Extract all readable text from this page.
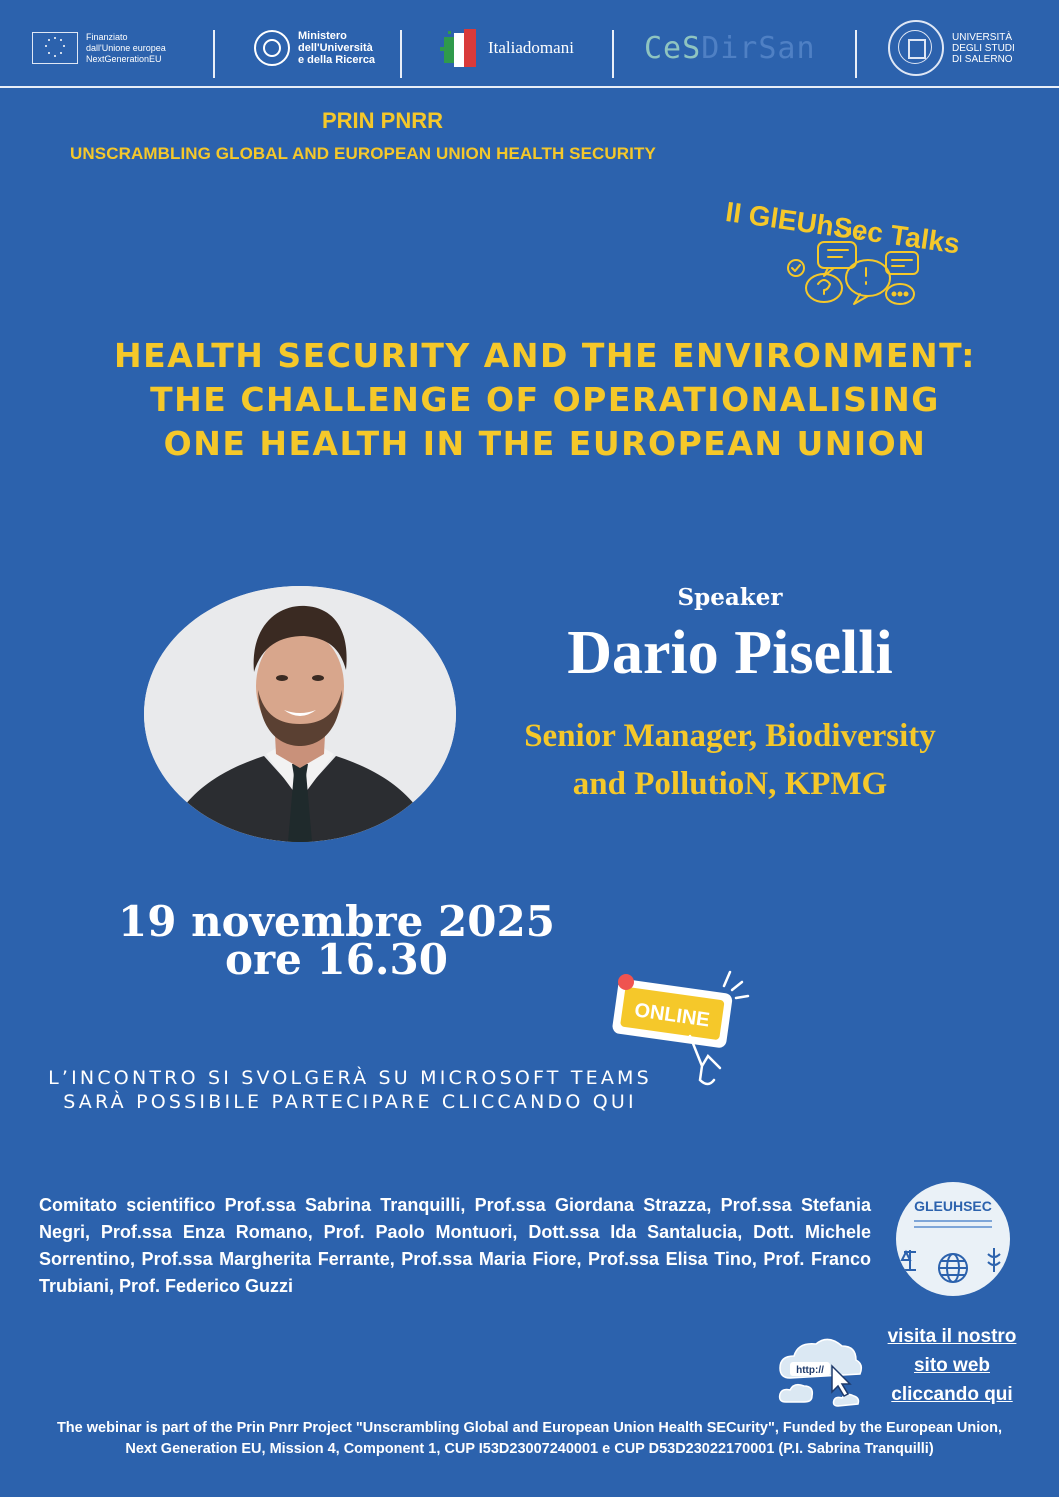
Finanziato
dall'Unione europea
NextGenerationEU
Ministero
dell'Università
e della Ricerca
Italiadomani CeSDirSan	UNIVERSITÀ
DEGLI STUDI
DI SALERNO
PRIN PNRR
UNSCRAMBLING GLOBAL AND EUROPEAN UNION HEALTH SECURITY
II GlEUhSec Talks
HEALTH SECURITY AND THE ENVIRONMENT:
THE CHALLENGE OF OPERATIONALISING
ONE HEALTH IN THE EUROPEAN UNION
Speaker
Dario Piselli
Senior Manager, Biodiversity
and PollutioN, KPMG
19 novembre 2025
ore 16.30
ONLINE
L’INCONTRO SI SVOLGERÀ SU MICROSOFT TEAMS
SARÀ POSSIBILE PARTECIPARE CLICCANDO QUI
Comitato scientifico Prof.ssa Sabrina Tranquilli, Prof.ssa Giordana Strazza, Prof.ssa Stefania Negri, Prof.ssa Enza Romano, Prof. Paolo Montuori, Dott.ssa Ida Santalucia, Dott. Michele Sorrentino, Prof.ssa Margherita Ferrante, Prof.ssa Maria Fiore, Prof.ssa Elisa Tino, Prof. Franco Trubiani, Prof. Federico Guzzi
GLEUHSEC
http://
visita il nostro
sito web
cliccando qui
The webinar is part of the Prin Pnrr Project "Unscrambling Global and European Union Health SECurity", Funded by the European Union,
Next Generation EU, Mission 4, Component 1, CUP I53D23007240001 e CUP D53D23022170001 (P.I. Sabrina Tranquilli)
